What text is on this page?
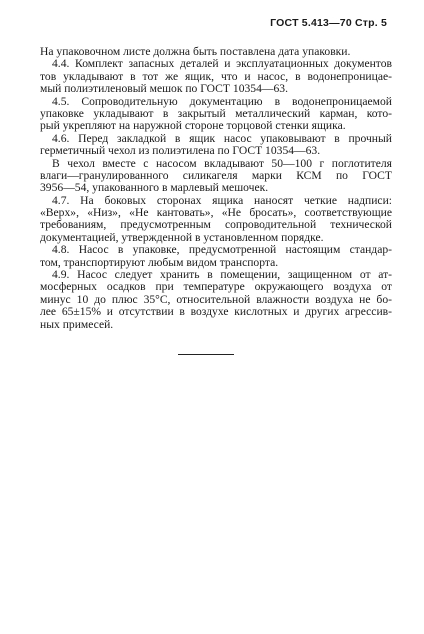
ГОСТ 5.413—70 Стр. 5
На упаковочном листе должна быть поставлена дата упаковки.
4.4. Комплект запасных деталей и эксплуатационных документов
тов укладывают в тот же ящик, что и насос, в водонепроницае-
мый полиэтиленовый мешок по ГОСТ 10354—63.
4.5. Сопроводительную документацию в водонепроницаемой
упаковке укладывают в закрытый металлический карман, кото-
рый укрепляют на наружной стороне торцовой стенки ящика.
4.6. Перед закладкой в ящик насос упаковывают в прочный
герметичный чехол из полиэтилена по ГОСТ 10354—63.
В чехол вместе с насосом вкладывают 50—100 г поглотителя
влаги—гранулированного силикагеля марки КСМ по ГОСТ
3956—54, упакованного в марлевый мешочек.
4.7. На боковых сторонах ящика наносят четкие надписи:
«Верх», «Низ», «Не кантовать», «Не бросать», соответствующие
требованиям, предусмотренным сопроводительной технической
документацией, утвержденной в установленном порядке.
4.8. Насос в упаковке, предусмотренной настоящим стандар-
том, транспортируют любым видом транспорта.
4.9. Насос следует хранить в помещении, защищенном от ат-
мосферных осадков при температуре окружающего воздуха от
минус 10 до плюс 35°С, относительной влажности воздуха не бо-
лее 65±15% и отсутствии в воздухе кислотных и других агрессив-
ных примесей.
